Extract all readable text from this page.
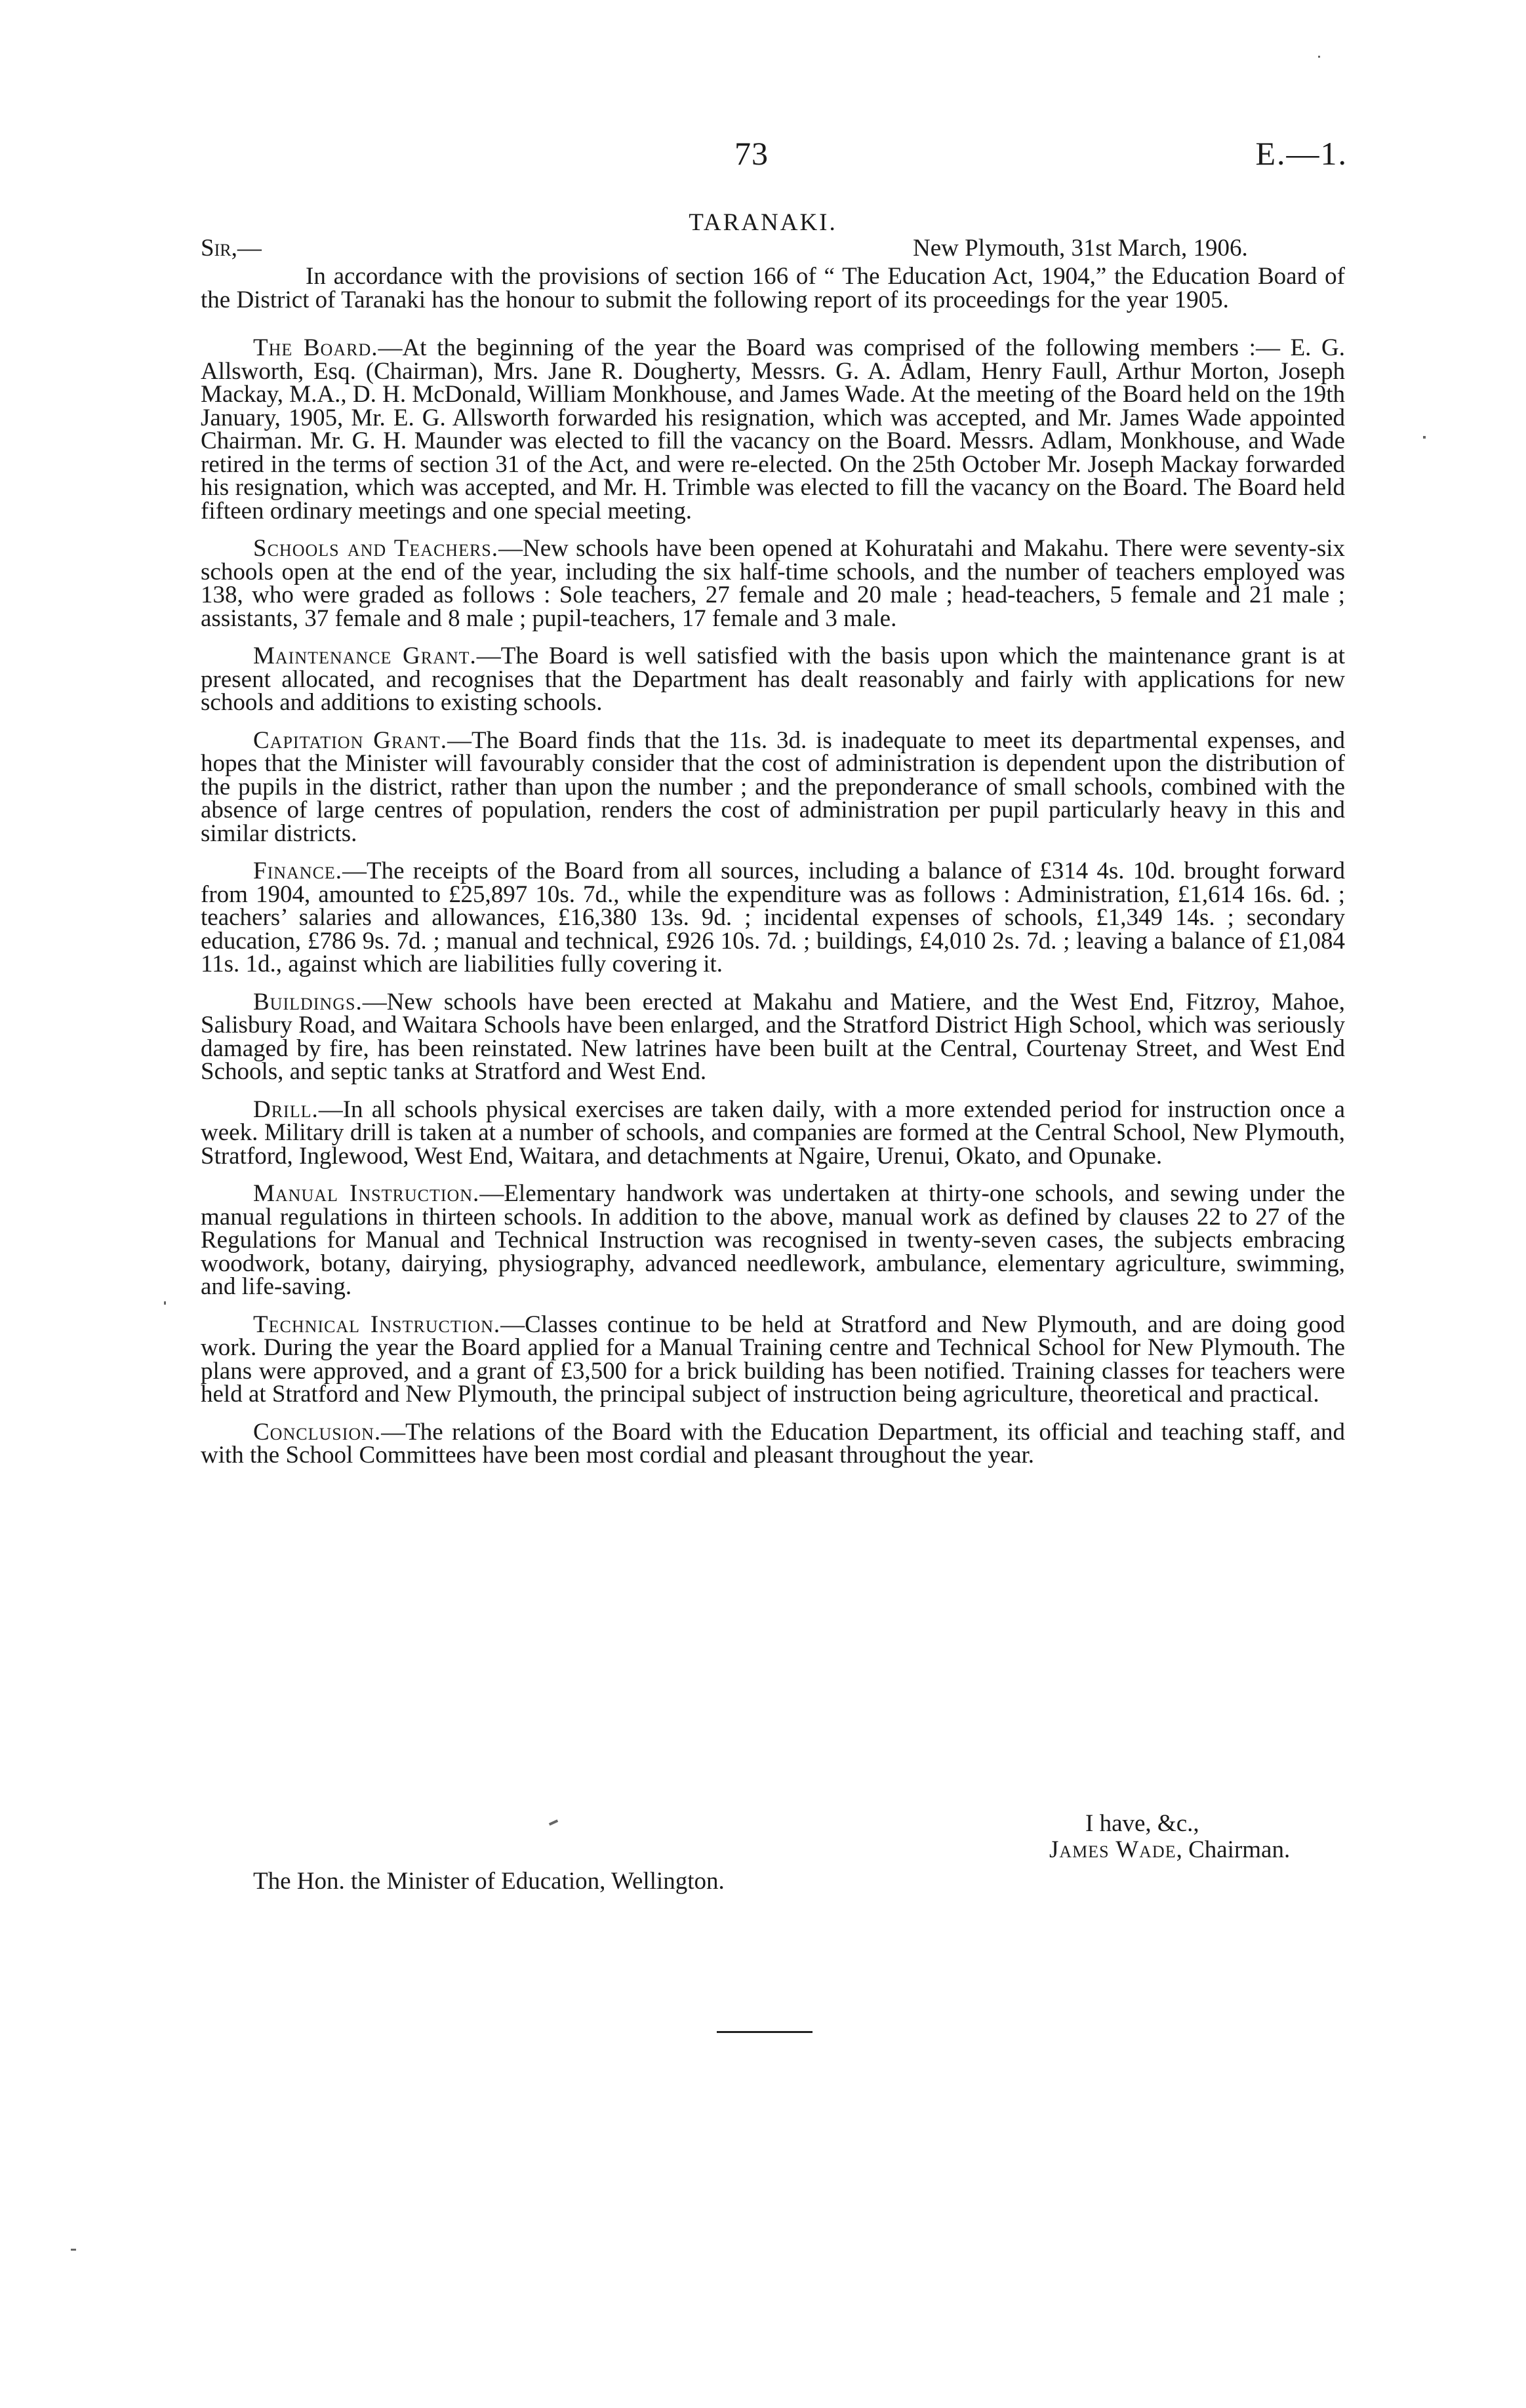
73	E.—1.
TARANAKI.
Sir,—	New Plymouth, 31st March, 1906.

In accordance with the provisions of section 166 of “ The Education Act, 1904,” the Education Board of the District of Taranaki has the honour to submit the following report of its proceedings for the year 1905.

The Board.—At the beginning of the year the Board was comprised of the following members :— E. G. Allsworth, Esq. (Chairman), Mrs. Jane R. Dougherty, Messrs. G. A. Adlam, Henry Faull, Arthur Morton, Joseph Mackay, M.A., D. H. McDonald, William Monkhouse, and James Wade. At the meeting of the Board held on the 19th January, 1905, Mr. E. G. Allsworth forwarded his resignation, which was accepted, and Mr. James Wade appointed Chairman. Mr. G. H. Maunder was elected to fill the vacancy on the Board. Messrs. Adlam, Monkhouse, and Wade retired in the terms of section 31 of the Act, and were re-elected. On the 25th October Mr. Joseph Mackay forwarded his resignation, which was accepted, and Mr. H. Trimble was elected to fill the vacancy on the Board. The Board held fifteen ordinary meetings and one special meeting.

Schools and Teachers.—New schools have been opened at Kohuratahi and Makahu. There were seventy-six schools open at the end of the year, including the six half-time schools, and the number of teachers employed was 138, who were graded as follows : Sole teachers, 27 female and 20 male ; head-teachers, 5 female and 21 male ; assistants, 37 female and 8 male ; pupil-teachers, 17 female and 3 male.

Maintenance Grant.—The Board is well satisfied with the basis upon which the maintenance grant is at present allocated, and recognises that the Department has dealt reasonably and fairly with applications for new schools and additions to existing schools.

Capitation Grant.—The Board finds that the 11s. 3d. is inadequate to meet its departmental expenses, and hopes that the Minister will favourably consider that the cost of administration is dependent upon the distribution of the pupils in the district, rather than upon the number ; and the preponderance of small schools, combined with the absence of large centres of population, renders the cost of administration per pupil particularly heavy in this and similar districts.

Finance.—The receipts of the Board from all sources, including a balance of £314 4s. 10d. brought forward from 1904, amounted to £25,897 10s. 7d., while the expenditure was as follows : Administration, £1,614 16s. 6d. ; teachers’ salaries and allowances, £16,380 13s. 9d. ; incidental expenses of schools, £1,349 14s. ; secondary education, £786 9s. 7d. ; manual and technical, £926 10s. 7d. ; buildings, £4,010 2s. 7d. ; leaving a balance of £1,084 11s. 1d., against which are liabilities fully covering it.

Buildings.—New schools have been erected at Makahu and Matiere, and the West End, Fitzroy, Mahoe, Salisbury Road, and Waitara Schools have been enlarged, and the Stratford District High School, which was seriously damaged by fire, has been reinstated. New latrines have been built at the Central, Courtenay Street, and West End Schools, and septic tanks at Stratford and West End.

Drill.—In all schools physical exercises are taken daily, with a more extended period for instruction once a week. Military drill is taken at a number of schools, and companies are formed at the Central School, New Plymouth, Stratford, Inglewood, West End, Waitara, and detachments at Ngaire, Urenui, Okato, and Opunake.

Manual Instruction.—Elementary handwork was undertaken at thirty-one schools, and sewing under the manual regulations in thirteen schools. In addition to the above, manual work as defined by clauses 22 to 27 of the Regulations for Manual and Technical Instruction was recognised in twenty-seven cases, the subjects embracing woodwork, botany, dairying, physiography, advanced needlework, ambulance, elementary agriculture, swimming, and life-saving.

Technical Instruction.—Classes continue to be held at Stratford and New Plymouth, and are doing good work. During the year the Board applied for a Manual Training centre and Technical School for New Plymouth. The plans were approved, and a grant of £3,500 for a brick building has been notified. Training classes for teachers were held at Stratford and New Plymouth, the principal subject of instruction being agriculture, theoretical and practical.

Conclusion.—The relations of the Board with the Education Department, its official and teaching staff, and with the School Committees have been most cordial and pleasant throughout the year.

I have, &c.,
James Wade, Chairman.
The Hon. the Minister of Education, Wellington.
